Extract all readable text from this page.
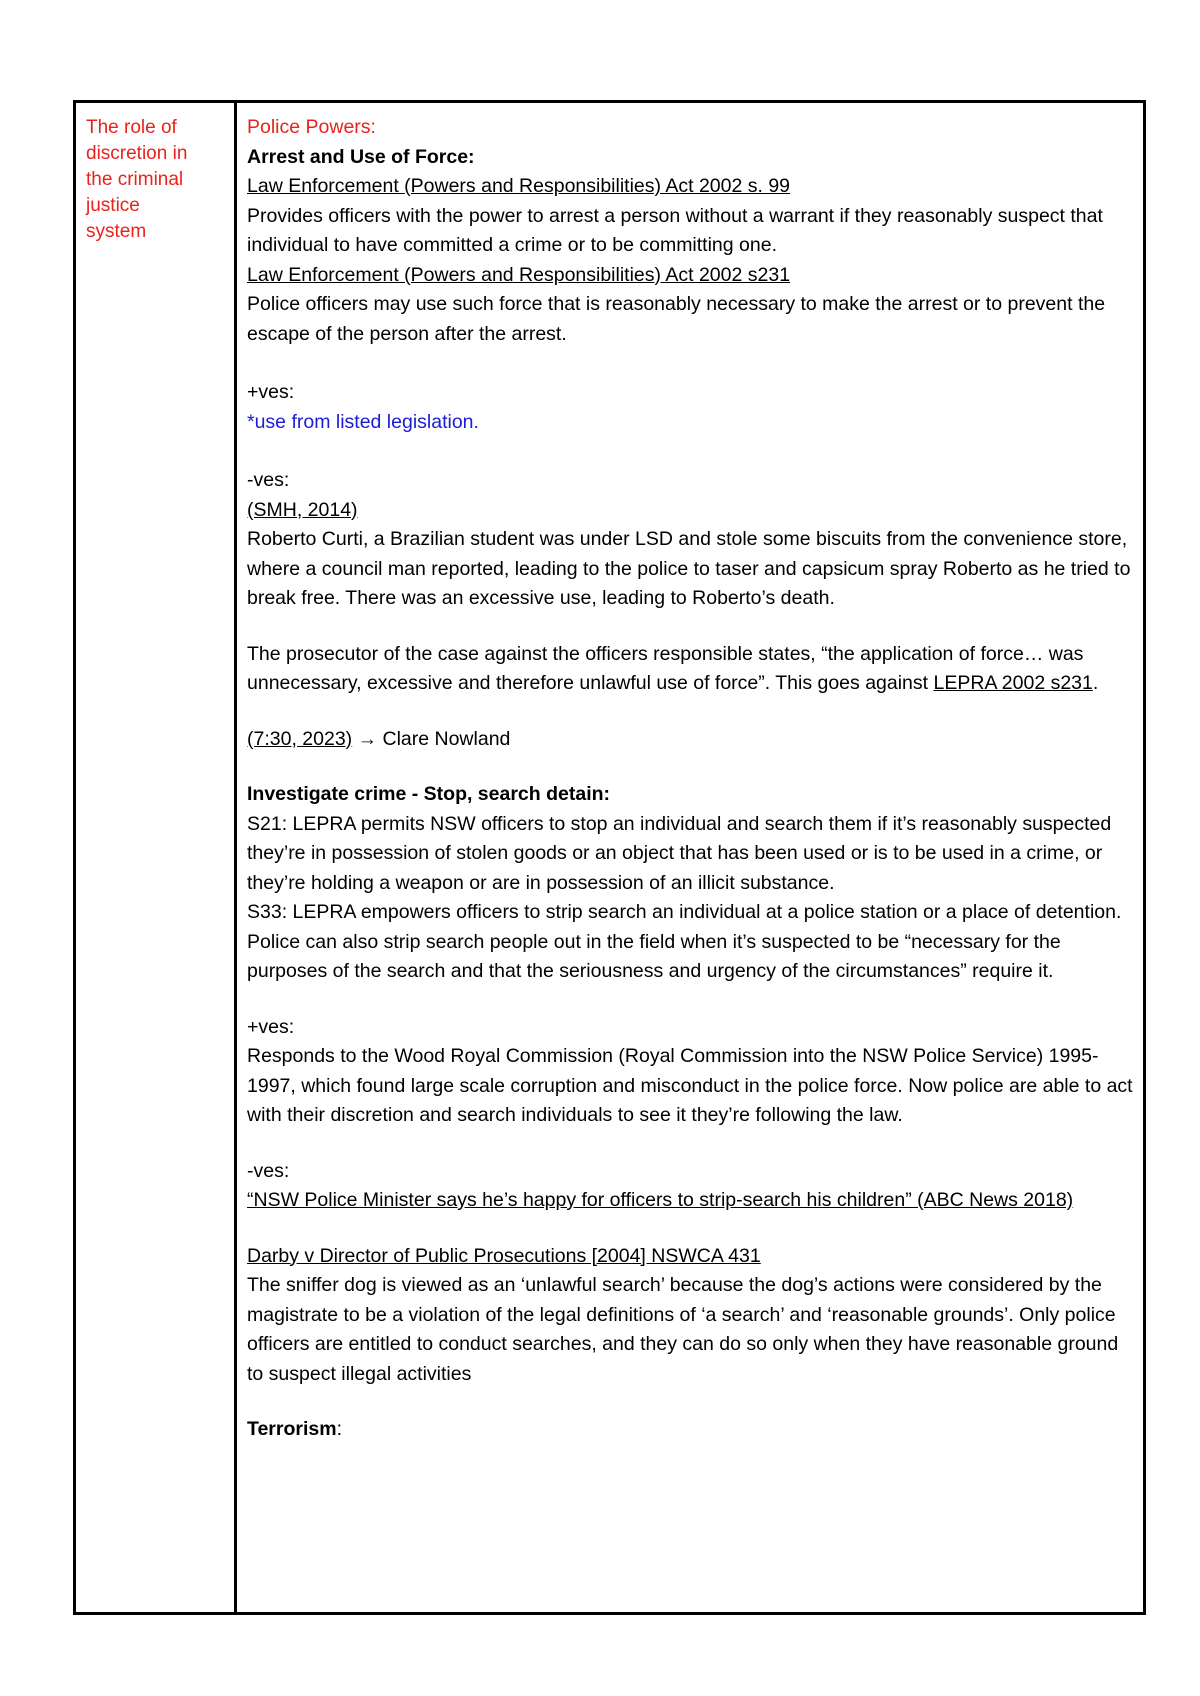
The role of
discretion in
the criminal
justice
system

Police Powers:

Arrest and Use of Force:

Law Enforcement (Powers and Responsibilities) Act 2002 s. 99

Provides officers with the power to arrest a person without a warrant if they reasonably suspect that individual to have committed a crime or to be committing one.

Law Enforcement (Powers and Responsibilities) Act 2002 s231

Police officers may use such force that is reasonably necessary to make the arrest or to prevent the escape of the person after the arrest.

+ves:

*use from listed legislation.

-ves:

(SMH, 2014)

Roberto Curti, a Brazilian student was under LSD and stole some biscuits from the convenience store, where a council man reported, leading to the police to taser and capsicum spray Roberto as he tried to break free. There was an excessive use, leading to Roberto’s death.

The prosecutor of the case against the officers responsible states, “the application of force… was unnecessary, excessive and therefore unlawful use of force”. This goes against LEPRA 2002 s231.

(7:30, 2023) → Clare Nowland

Investigate crime - Stop, search detain:

S21: LEPRA permits NSW officers to stop an individual and search them if it’s reasonably suspected they’re in possession of stolen goods or an object that has been used or is to be used in a crime, or they’re holding a weapon or are in possession of an illicit substance.

S33: LEPRA empowers officers to strip search an individual at a police station or a place of detention. Police can also strip search people out in the field when it’s suspected to be “necessary for the purposes of the search and that the seriousness and urgency of the circumstances” require it.

+ves:

Responds to the Wood Royal Commission (Royal Commission into the NSW Police Service) 1995-1997, which found large scale corruption and misconduct in the police force. Now police are able to act with their discretion and search individuals to see it they’re following the law.

-ves:

“NSW Police Minister says he’s happy for officers to strip-search his children” (ABC News 2018)

Darby v Director of Public Prosecutions [2004] NSWCA 431

The sniffer dog is viewed as an ‘unlawful search’ because the dog’s actions were considered by the magistrate to be a violation of the legal definitions of ‘a search’ and ‘reasonable grounds’. Only police officers are entitled to conduct searches, and they can do so only when they have reasonable ground to suspect illegal activities

Terrorism:
